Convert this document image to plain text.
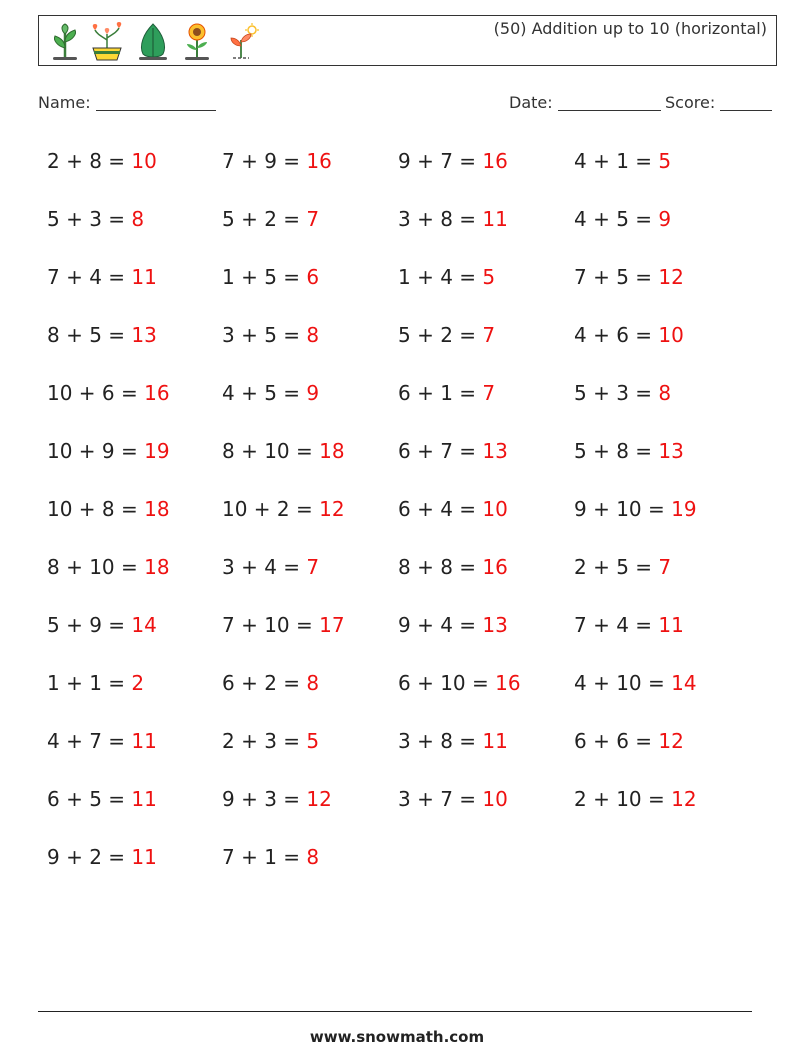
(50) Addition up to 10 (horizontal)
Name:	Date:	Score:
2 + 8 = 10	7 + 9 = 16	9 + 7 = 16	4 + 1 = 5
5 + 3 = 8	5 + 2 = 7	3 + 8 = 11	4 + 5 = 9
7 + 4 = 11	1 + 5 = 6	1 + 4 = 5	7 + 5 = 12
8 + 5 = 13	3 + 5 = 8	5 + 2 = 7	4 + 6 = 10
10 + 6 = 16	4 + 5 = 9	6 + 1 = 7	5 + 3 = 8
10 + 9 = 19	8 + 10 = 18	6 + 7 = 13	5 + 8 = 13
10 + 8 = 18	10 + 2 = 12	6 + 4 = 10	9 + 10 = 19
8 + 10 = 18	3 + 4 = 7	8 + 8 = 16	2 + 5 = 7
5 + 9 = 14	7 + 10 = 17	9 + 4 = 13	7 + 4 = 11
1 + 1 = 2	6 + 2 = 8	6 + 10 = 16	4 + 10 = 14
4 + 7 = 11	2 + 3 = 5	3 + 8 = 11	6 + 6 = 12
6 + 5 = 11	9 + 3 = 12	3 + 7 = 10	2 + 10 = 12
9 + 2 = 11	7 + 1 = 8
www.snowmath.com
